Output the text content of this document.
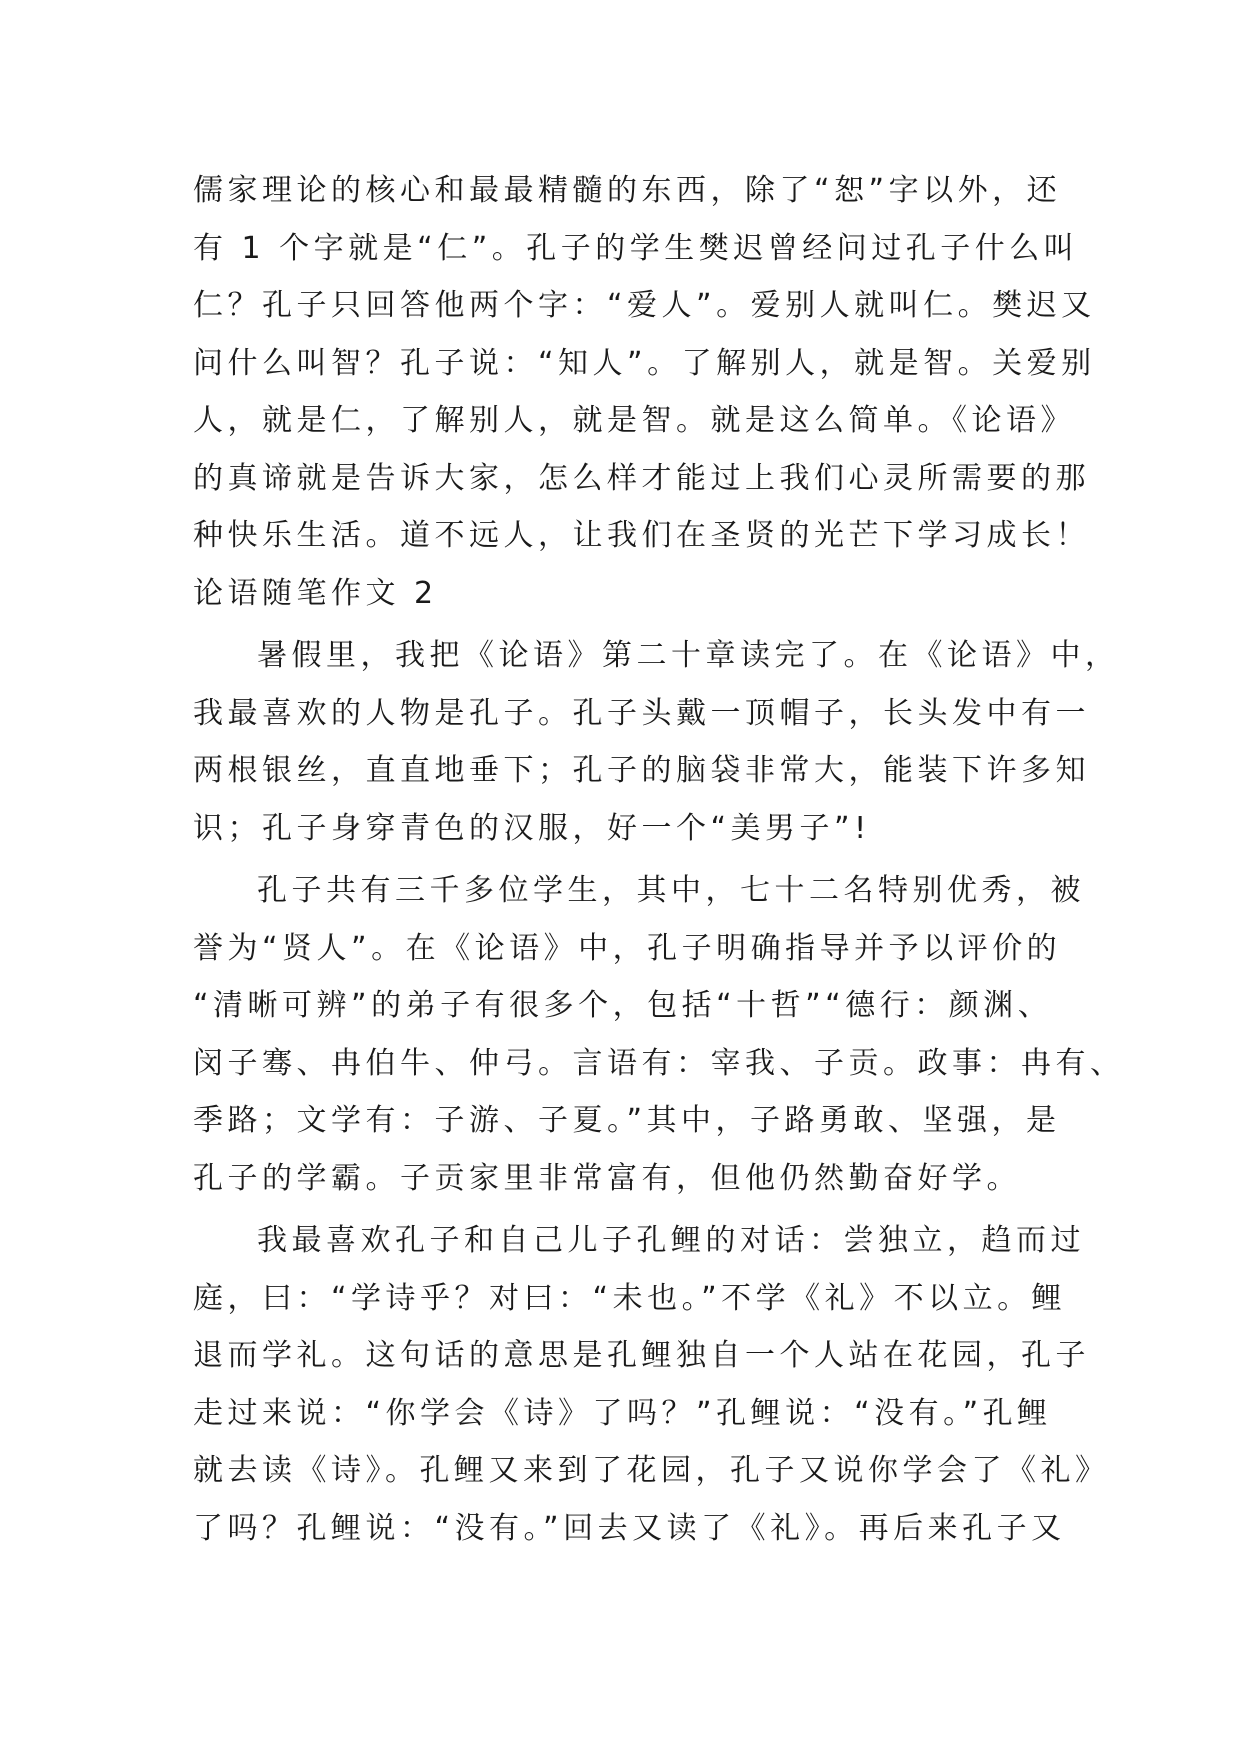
儒家理论的核心和最最精髓的东西，除了“恕”字以外，还
有 1 个字就是“仁”。孔子的学生樊迟曾经问过孔子什么叫
仁？孔子只回答他两个字：“爱人”。爱别人就叫仁。樊迟又
问什么叫智？孔子说：“知人”。了解别人，就是智。关爱别
人，就是仁，了解别人，就是智。就是这么简单。《论语》
的真谛就是告诉大家，怎么样才能过上我们心灵所需要的那
种快乐生活。道不远人，让我们在圣贤的光芒下学习成长！
论语随笔作文 2
暑假里，我把《论语》第二十章读完了。在《论语》中，
我最喜欢的人物是孔子。孔子头戴一顶帽子，长头发中有一
两根银丝，直直地垂下；孔子的脑袋非常大，能装下许多知
识；孔子身穿青色的汉服，好一个“美男子”!
孔子共有三千多位学生，其中，七十二名特别优秀，被
誉为“贤人”。在《论语》中，孔子明确指导并予以评价的
“清晰可辨”的弟子有很多个，包括“十哲”“德行：颜渊、
闵子骞、冉伯牛、仲弓。言语有：宰我、子贡。政事：冉有、
季路；文学有：子游、子夏。”其中，子路勇敢、坚强，是
孔子的学霸。子贡家里非常富有，但他仍然勤奋好学。
我最喜欢孔子和自己儿子孔鲤的对话：尝独立，趋而过
庭，曰：“学诗乎？对曰：“未也。”不学《礼》不以立。鲤
退而学礼。这句话的意思是孔鲤独自一个人站在花园，孔子
走过来说：“你学会《诗》了吗？”孔鲤说：“没有。”孔鲤
就去读《诗》。孔鲤又来到了花园，孔子又说你学会了《礼》
了吗？孔鲤说：“没有。”回去又读了《礼》。再后来孔子又
